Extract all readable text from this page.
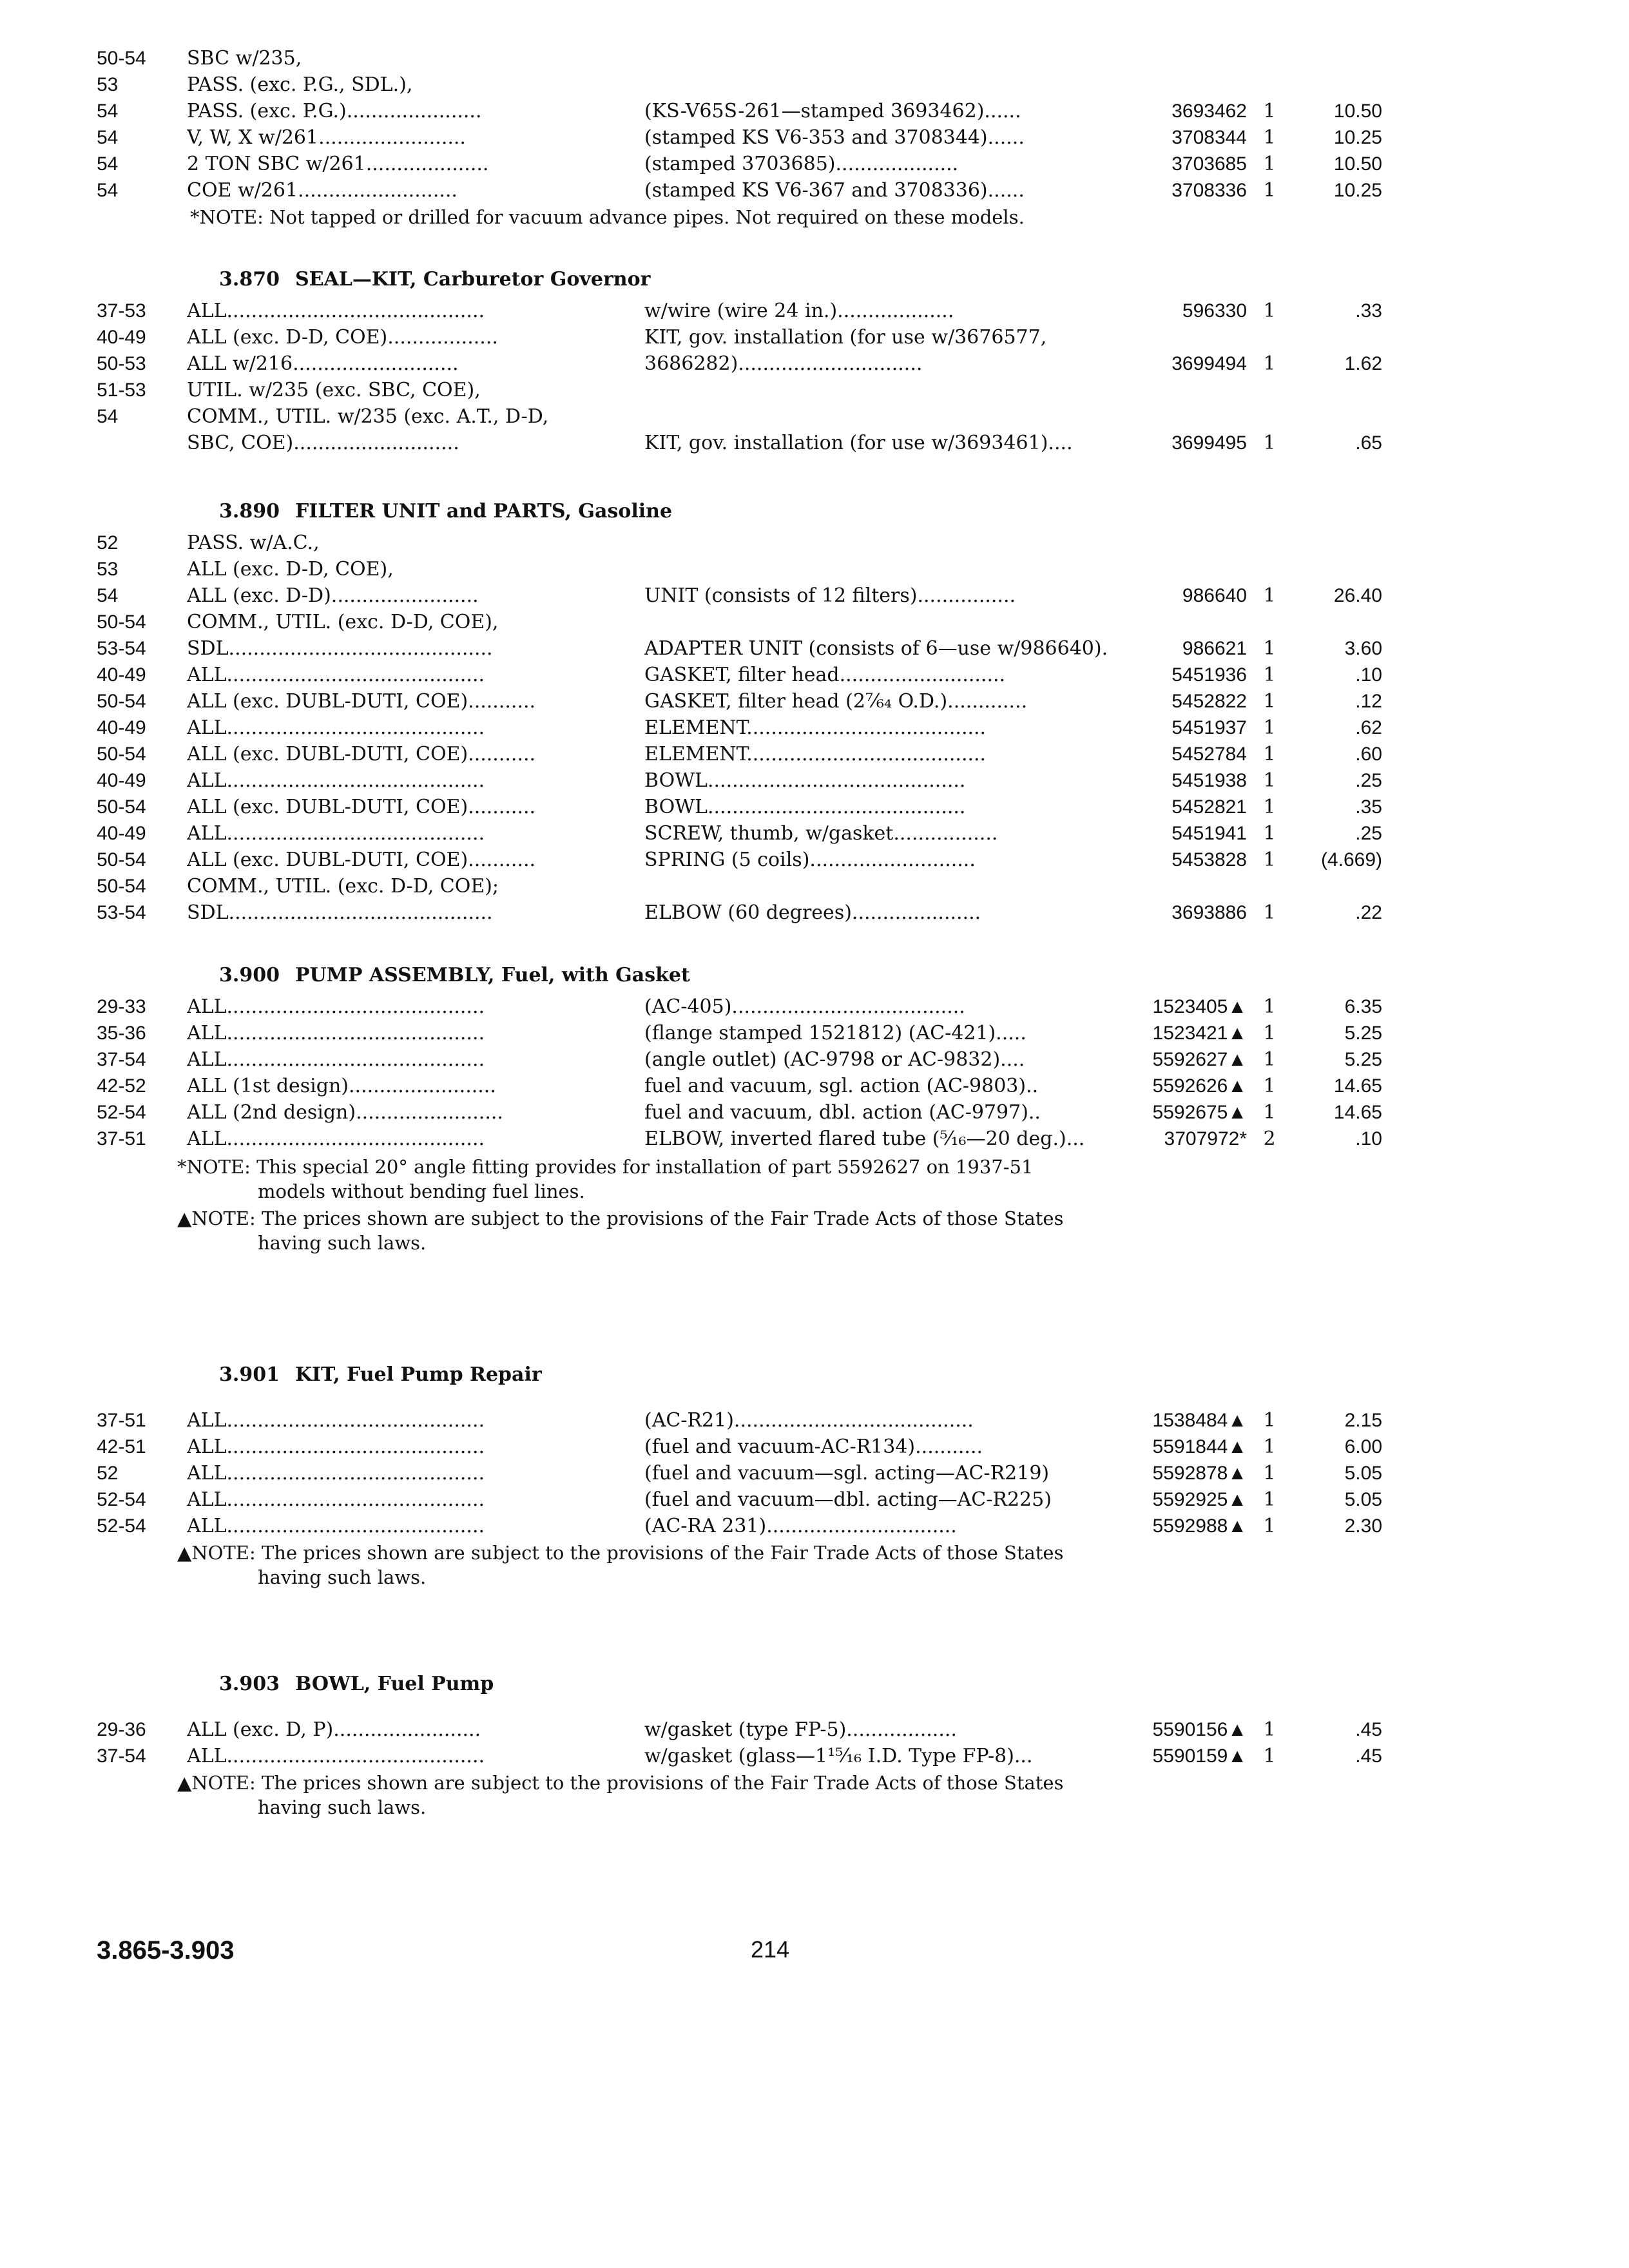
50-54	SBC w/235,
53	PASS. (exc. P.G., SDL.),
54	PASS. (exc. P.G.)......................	(KS-V65S-261—stamped 3693462)......	3693462 1	10.50
54	V, W, X w/261........................	(stamped KS V6-353 and 3708344)......	3708344 1	10.25
54	2 TON SBC w/261....................	(stamped 3703685)....................	3703685 1	10.50
54	COE w/261..........................	(stamped KS V6-367 and 3708336)......	3708336 1	10.25
*NOTE: Not tapped or drilled for vacuum advance pipes. Not required on these models.
3.870 SEAL—KIT, Carburetor Governor
37-53	ALL..........................................	w/wire (wire 24 in.)...................	596330 1	.33
40-49	ALL (exc. D-D, COE)..................	KIT, gov. installation (for use w/3676577,
50-53	ALL w/216...........................	3686282)..............................	3699494 1	1.62
51-53	UTIL. w/235 (exc. SBC, COE),
54	COMM., UTIL. w/235 (exc. A.T., D-D,
SBC, COE)...........................	KIT, gov. installation (for use w/3693461)....	3699495 1	.65
3.890 FILTER UNIT and PARTS, Gasoline
52	PASS. w/A.C.,
53	ALL (exc. D-D, COE),
54	ALL (exc. D-D)........................	UNIT (consists of 12 filters)................	986640 1	26.40
50-54	COMM., UTIL. (exc. D-D, COE),
53-54	SDL...........................................	ADAPTER UNIT (consists of 6—use w/986640).	986621 1	3.60
40-49	ALL..........................................	GASKET, filter head...........................	5451936 1	.10
50-54	ALL (exc. DUBL-DUTI, COE)...........	GASKET, filter head (2⁷⁄₆₄ O.D.).............	5452822 1	.12
40-49	ALL..........................................	ELEMENT.......................................	5451937 1	.62
50-54	ALL (exc. DUBL-DUTI, COE)...........	ELEMENT.......................................	5452784 1	.60
40-49	ALL..........................................	BOWL..........................................	5451938 1	.25
50-54	ALL (exc. DUBL-DUTI, COE)...........	BOWL..........................................	5452821 1	.35
40-49	ALL..........................................	SCREW, thumb, w/gasket.................	5451941 1	.25
50-54	ALL (exc. DUBL-DUTI, COE)...........	SPRING (5 coils)...........................	5453828 1	(4.669)
50-54	COMM., UTIL. (exc. D-D, COE);
53-54	SDL...........................................	ELBOW (60 degrees).....................	3693886 1	.22
3.900 PUMP ASSEMBLY, Fuel, with Gasket
29-33	ALL..........................................	(AC-405)......................................	1523405▲ 1	6.35
35-36	ALL..........................................	(flange stamped 1521812) (AC-421).....	1523421▲ 1	5.25
37-54	ALL..........................................	(angle outlet) (AC-9798 or AC-9832)....	5592627▲ 1	5.25
42-52	ALL (1st design)........................	fuel and vacuum, sgl. action (AC-9803)..	5592626▲ 1	14.65
52-54	ALL (2nd design)........................	fuel and vacuum, dbl. action (AC-9797)..	5592675▲ 1	14.65
37-51	ALL..........................................	ELBOW, inverted flared tube (⁵⁄₁₆—20 deg.)...	3707972* 2	.10
*NOTE: This special 20° angle fitting provides for installation of part 5592627 on 1937-51
models without bending fuel lines.
▲NOTE: The prices shown are subject to the provisions of the Fair Trade Acts of those States
having such laws.
3.901 KIT, Fuel Pump Repair
37-51	ALL..........................................	(AC-R21).......................................	1538484▲ 1	2.15
42-51	ALL..........................................	(fuel and vacuum-AC-R134)...........	5591844▲ 1	6.00
52	ALL..........................................	(fuel and vacuum—sgl. acting—AC-R219)	5592878▲ 1	5.05
52-54	ALL..........................................	(fuel and vacuum—dbl. acting—AC-R225)	5592925▲ 1	5.05
52-54	ALL..........................................	(AC-RA 231)...............................	5592988▲ 1	2.30
▲NOTE: The prices shown are subject to the provisions of the Fair Trade Acts of those States
having such laws.
3.903 BOWL, Fuel Pump
29-36	ALL (exc. D, P)........................	w/gasket (type FP-5)..................	5590156▲ 1	.45
37-54	ALL..........................................	w/gasket (glass—1¹⁵⁄₁₆ I.D. Type FP-8)...	5590159▲ 1	.45
▲NOTE: The prices shown are subject to the provisions of the Fair Trade Acts of those States
having such laws.
3.865-3.903	214
